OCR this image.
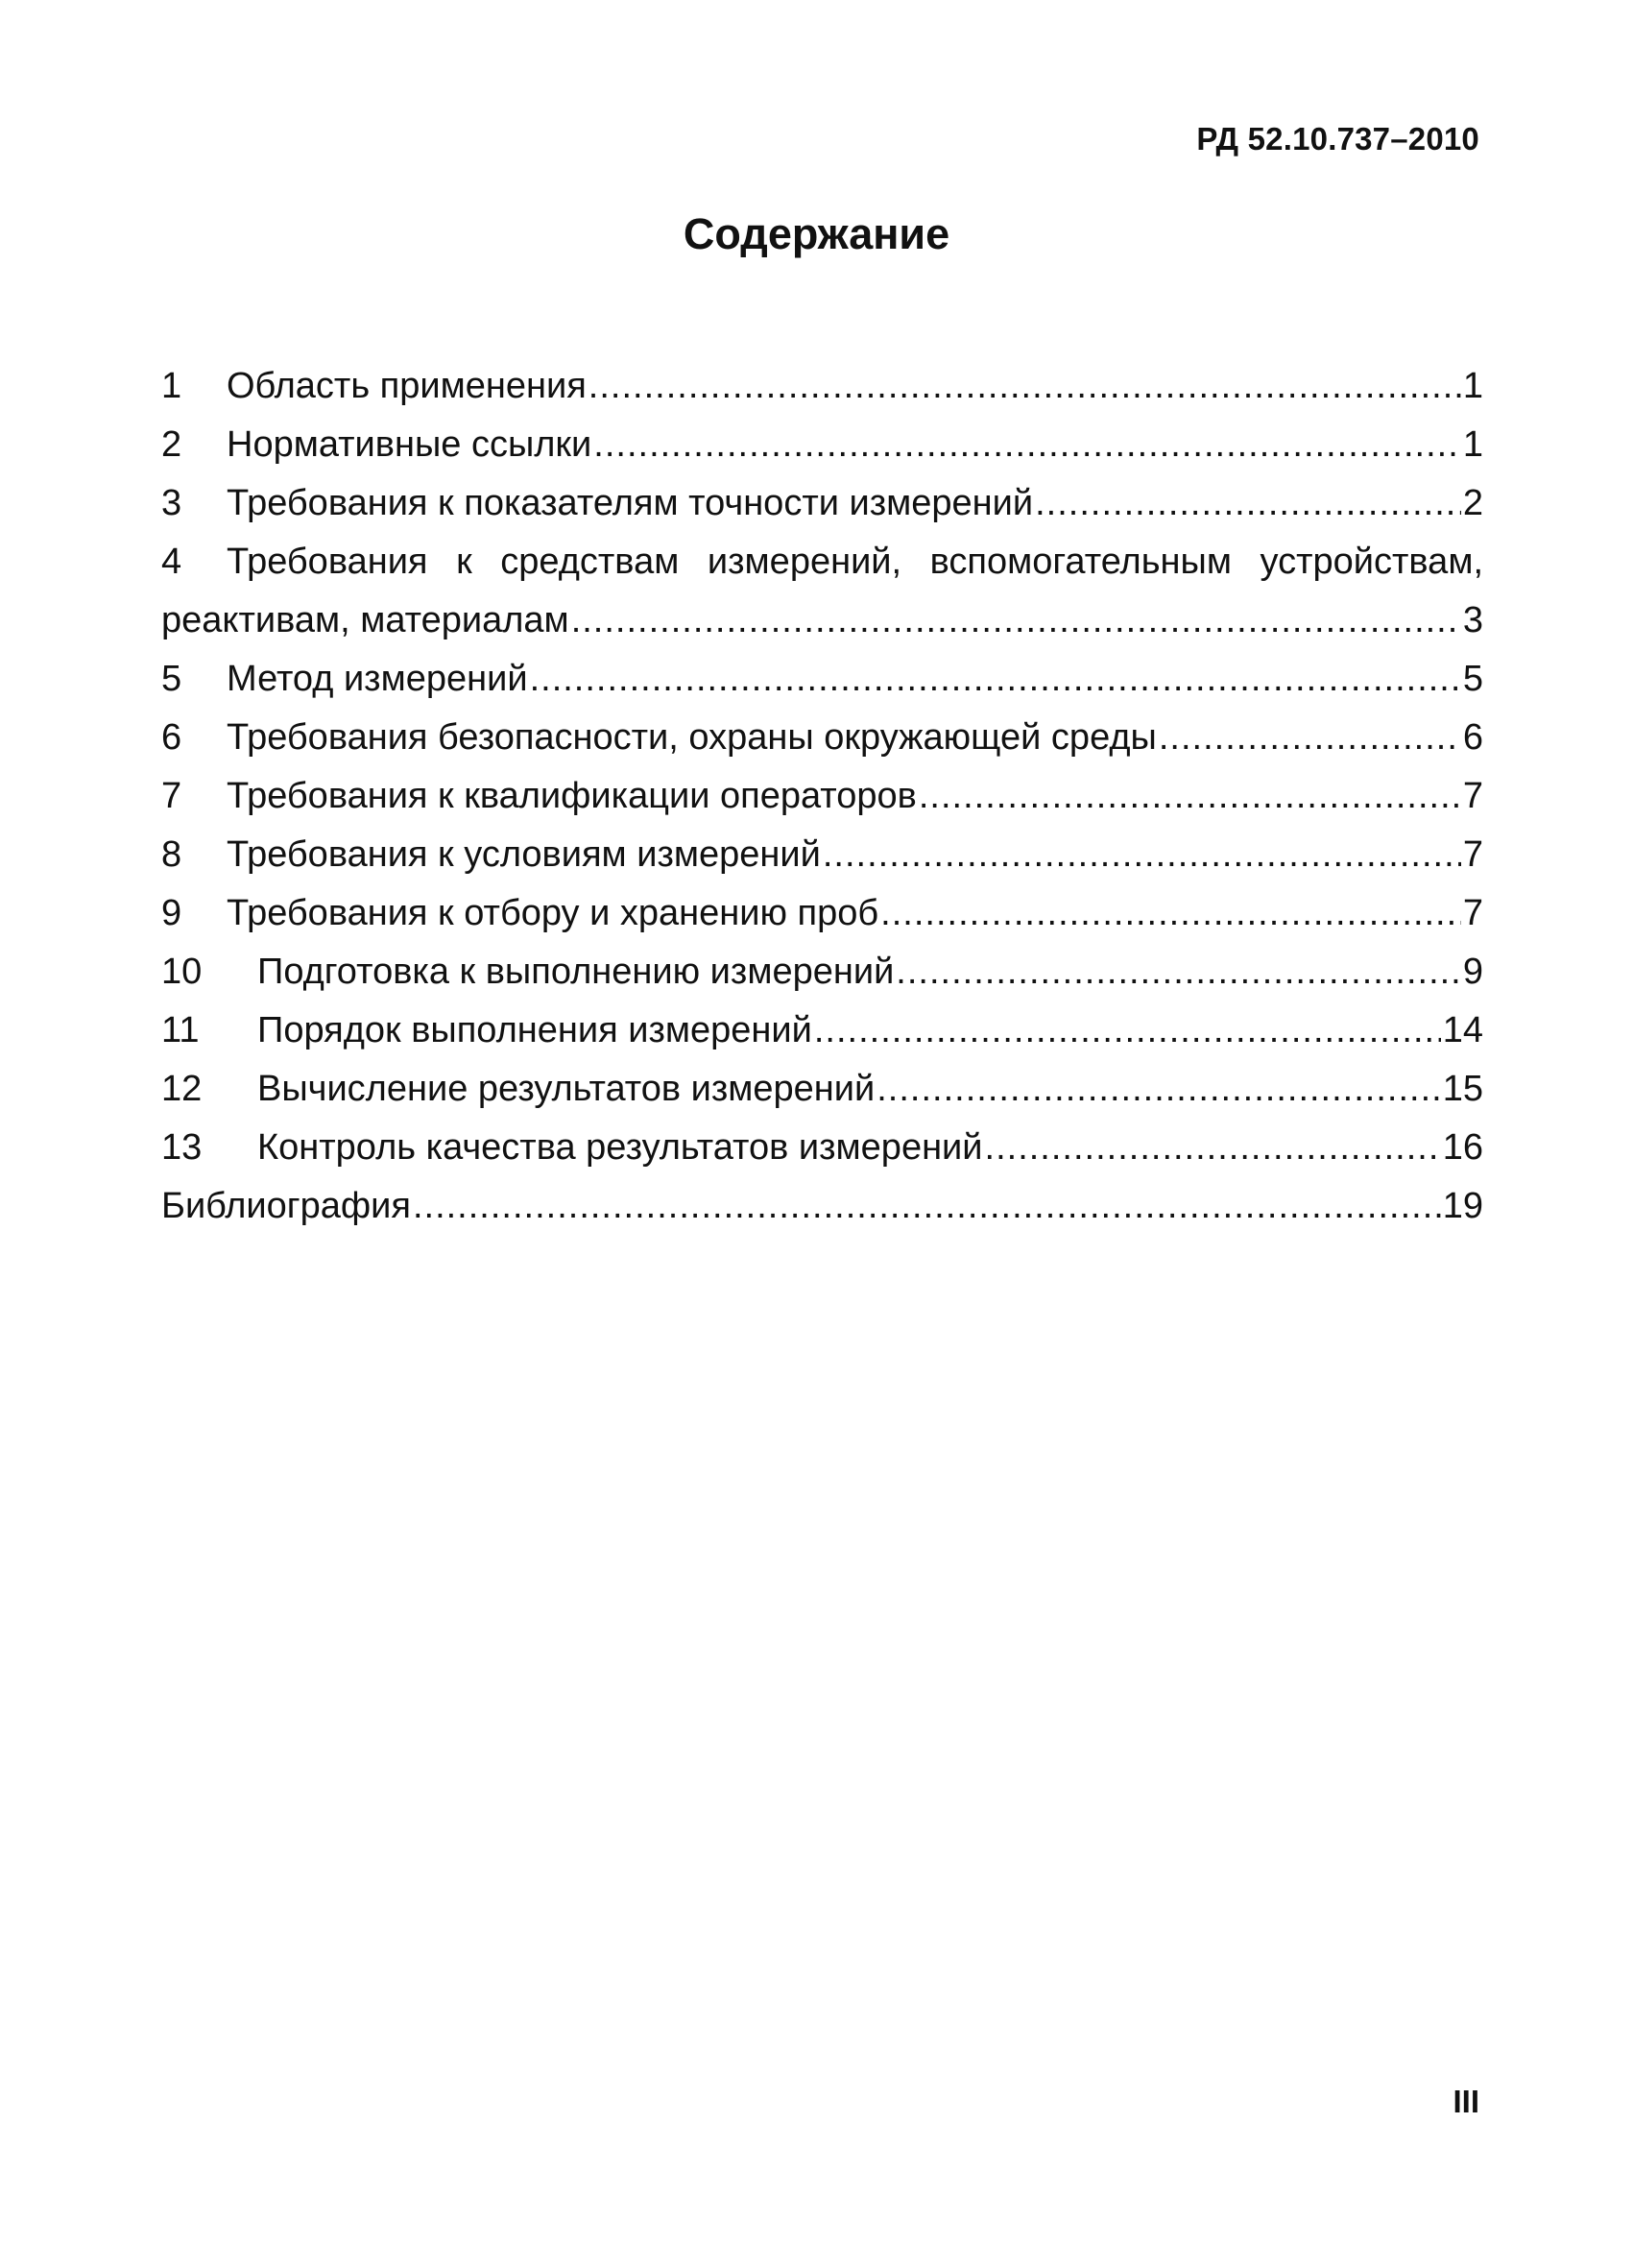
РД 52.10.737–2010
Содержание
1	Область применения .....	1
2	Нормативные ссылки .....	1
3	Требования к показателям точности измерений .....	2
4	Требования к средствам измерений, вспомогательным устройствам,
реактивам, материалам .....	3
5	Метод измерений .....	5
6	Требования безопасности, охраны окружающей среды .....	6
7	Требования к квалификации операторов .....	7
8	Требования к условиям измерений .....	7
9	Требования к отбору и хранению проб .....	7
10	Подготовка к выполнению измерений .....	9
11	Порядок выполнения измерений .....	14
12	Вычисление результатов измерений .....	15
13	Контроль качества результатов измерений .....	16
Библиография .....	19
III
